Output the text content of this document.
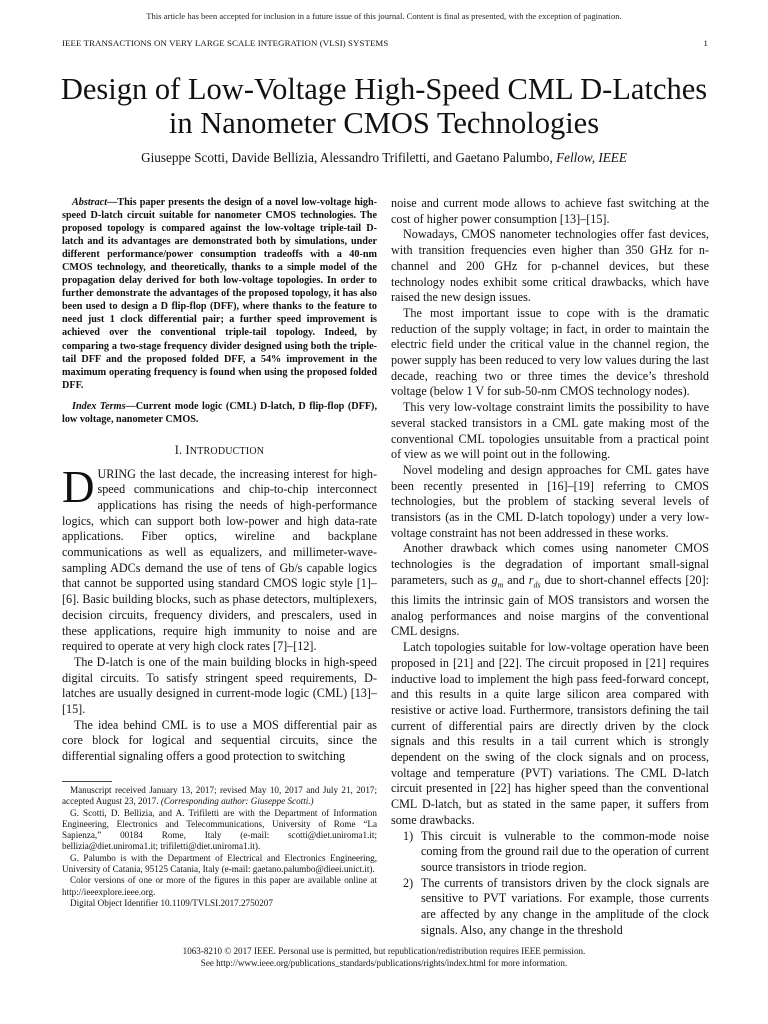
This article has been accepted for inclusion in a future issue of this journal. Content is final as presented, with the exception of pagination.
IEEE TRANSACTIONS ON VERY LARGE SCALE INTEGRATION (VLSI) SYSTEMS	1
Design of Low-Voltage High-Speed CML D-Latches
in Nanometer CMOS Technologies
Giuseppe Scotti, Davide Bellizia, Alessandro Trifiletti, and Gaetano Palumbo, Fellow, IEEE

Abstract—This paper presents the design of a novel low-voltage high-speed D-latch circuit suitable for nanometer CMOS technologies. The proposed topology is compared against the low-voltage triple-tail D-latch and its advantages are demonstrated both by simulations, under different performance/power consumption tradeoffs with a 40-nm CMOS technology, and theoretically, thanks to a simple model of the propagation delay derived for both low-voltage topologies. In order to further demonstrate the advantages of the proposed topology, it has also been used to design a D flip-flop (DFF), where thanks to the feature to need just 1 clock differential pair; a further speed improvement is achieved over the conventional triple-tail topology. Indeed, by comparing a two-stage frequency divider designed using both the triple-tail DFF and the proposed folded DFF, a 54% improvement in the maximum operating frequency is found when using the proposed folded DFF.

Index Terms—Current mode logic (CML) D-latch, D flip-flop (DFF), low voltage, nanometer CMOS.

I. INTRODUCTION

DURING the last decade, the increasing interest for high-speed communications and chip-to-chip interconnect applications has rising the needs of high-performance logics, which can support both low-power and high data-rate applications. Fiber optics, wireline and backplane communications as well as equalizers, and millimeter-wave-sampling ADCs demand the use of tens of Gb/s capable logics that cannot be supported using standard CMOS logic style [1]–[6]. Basic building blocks, such as phase detectors, multiplexers, decision circuits, frequency dividers, and prescalers, used in these applications, require high immunity to noise and are required to operate at very high clock rates [7]–[12].

The D-latch is one of the main building blocks in high-speed digital circuits. To satisfy stringent speed requirements, D-latches are usually designed in current-mode logic (CML) [13]–[15].

The idea behind CML is to use a MOS differential pair as core block for logical and sequential circuits, since the differential signaling offers a good protection to switching

Manuscript received January 13, 2017; revised May 10, 2017 and July 21, 2017; accepted August 23, 2017. (Corresponding author: Giuseppe Scotti.)

G. Scotti, D. Bellizia, and A. Trifiletti are with the Department of Information Engineering, Electronics and Telecommunications, University of Rome “La Sapienza,” 00184 Rome, Italy (e-mail: scotti@diet.uniroma1.it; bellizia@diet.uniroma1.it; trifiletti@diet.uniroma1.it).

G. Palumbo is with the Department of Electrical and Electronics Engineering, University of Catania, 95125 Catania, Italy (e-mail: gaetano.palumbo@dieei.unict.it).

Color versions of one or more of the figures in this paper are available online at http://ieeexplore.ieee.org.

Digital Object Identifier 10.1109/TVLSI.2017.2750207

noise and current mode allows to achieve fast switching at the cost of higher power consumption [13]–[15].

Nowadays, CMOS nanometer technologies offer fast devices, with transition frequencies even higher than 350 GHz for n-channel and 200 GHz for p-channel devices, but these technology nodes exhibit some critical drawbacks, which have raised the new design issues.

The most important issue to cope with is the dramatic reduction of the supply voltage; in fact, in order to maintain the electric field under the critical value in the channel region, the power supply has been reduced to very low values during the last decade, reaching two or three times the device’s threshold voltage (below 1 V for sub-50-nm CMOS technology nodes).

This very low-voltage constraint limits the possibility to have several stacked transistors in a CML gate making most of the conventional CML topologies unsuitable from a practical point of view as we will point out in the following.

Novel modeling and design approaches for CML gates have been recently presented in [16]–[19] referring to CMOS technologies, but the problem of stacking several levels of transistors (as in the CML D-latch topology) under a very low-voltage constraint has not been addressed in these works.

Another drawback which comes using nanometer CMOS technologies is the degradation of important small-signal parameters, such as $g_m$ and $r_{ds}$ due to short-channel effects [20]: this limits the intrinsic gain of MOS transistors and worsen the analog performances and noise margins of the conventional CML designs.

Latch topologies suitable for low-voltage operation have been proposed in [21] and [22]. The circuit proposed in [21] requires inductive load to implement the high pass feed-forward concept, and this results in a quite large silicon area compared with resistive or active load. Furthermore, transistors defining the tail current of differential pairs are directly driven by the clock signals and this results in a tail current which is strongly dependent on the swing of the clock signals and on process, voltage and temperature (PVT) variations. The CML D-latch circuit presented in [22] has higher speed than the conventional CML D-latch, but as stated in the same paper, it suffers from some drawbacks.

1) This circuit is vulnerable to the common-mode noise coming from the ground rail due to the operation of current source transistors in triode region.

2) The currents of transistors driven by the clock signals are sensitive to PVT variations. For example, those currents are affected by any change in the amplitude of the clock signals. Also, any change in the threshold

1063-8210 © 2017 IEEE. Personal use is permitted, but republication/redistribution requires IEEE permission.
See http://www.ieee.org/publications_standards/publications/rights/index.html for more information.
